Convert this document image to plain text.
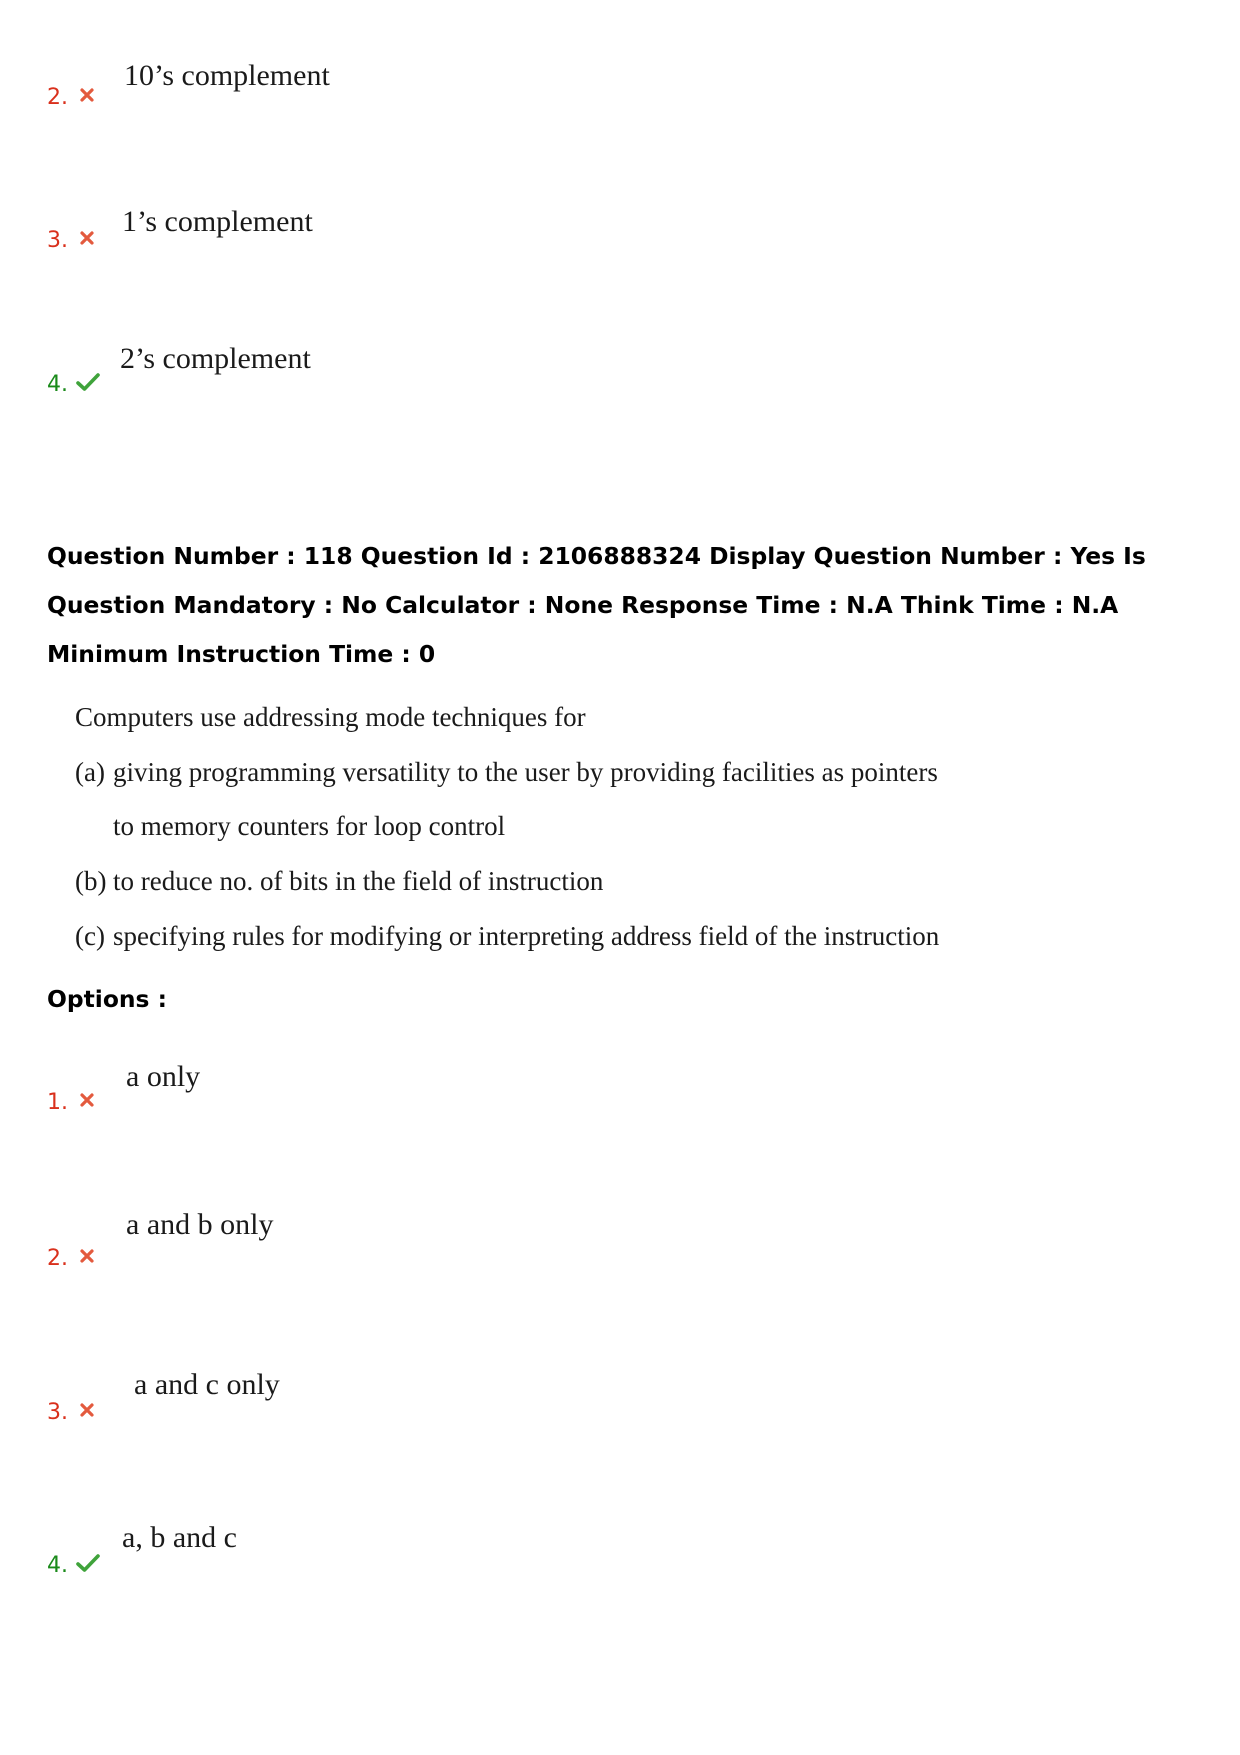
2.
10’s complement
3.
1’s complement
4.
2’s complement
Question Number : 118 Question Id : 2106888324 Display Question Number : Yes Is Question Mandatory : No Calculator : None Response Time : N.A Think Time : N.A Minimum Instruction Time : 0
Computers use addressing mode techniques for
(a) giving programming versatility to the user by providing facilities as pointers
to memory counters for loop control
(b) to reduce no. of bits in the field of instruction
(c) specifying rules for modifying or interpreting address field of the instruction
Options :
1.
a only
2.
a and b only
3.
a and c only
4.
a, b and c
